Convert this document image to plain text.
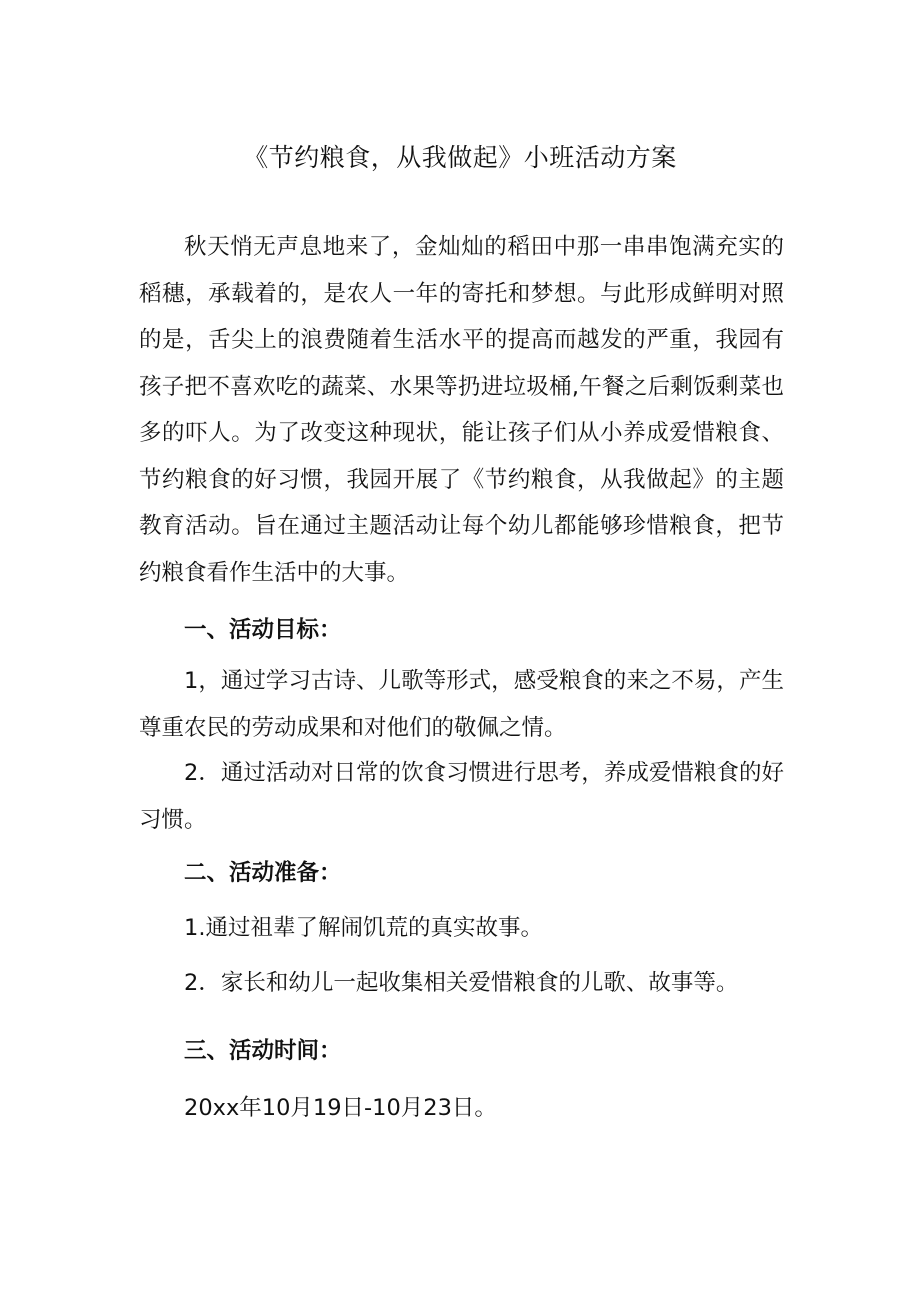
《节约粮食，从我做起》小班活动方案

秋天悄无声息地来了，金灿灿的稻田中那一串串饱满充实的稻穗，承载着的，是农人一年的寄托和梦想。与此形成鲜明对照的是，舌尖上的浪费随着生活水平的提高而越发的严重，我园有孩子把不喜欢吃的蔬菜、水果等扔进垃圾桶,午餐之后剩饭剩菜也多的吓人。为了改变这种现状，能让孩子们从小养成爱惜粮食、节约粮食的好习惯，我园开展了《节约粮食，从我做起》的主题教育活动。旨在通过主题活动让每个幼儿都能够珍惜粮食，把节约粮食看作生活中的大事。

一、活动目标：

1，通过学习古诗、儿歌等形式，感受粮食的来之不易，产生尊重农民的劳动成果和对他们的敬佩之情。

2．通过活动对日常的饮食习惯进行思考，养成爱惜粮食的好习惯。

二、活动准备：
1.通过祖辈了解闹饥荒的真实故事。
2．家长和幼儿一起收集相关爱惜粮食的儿歌、故事等。
三、活动时间：
20xx年10月19日-10月23日。
